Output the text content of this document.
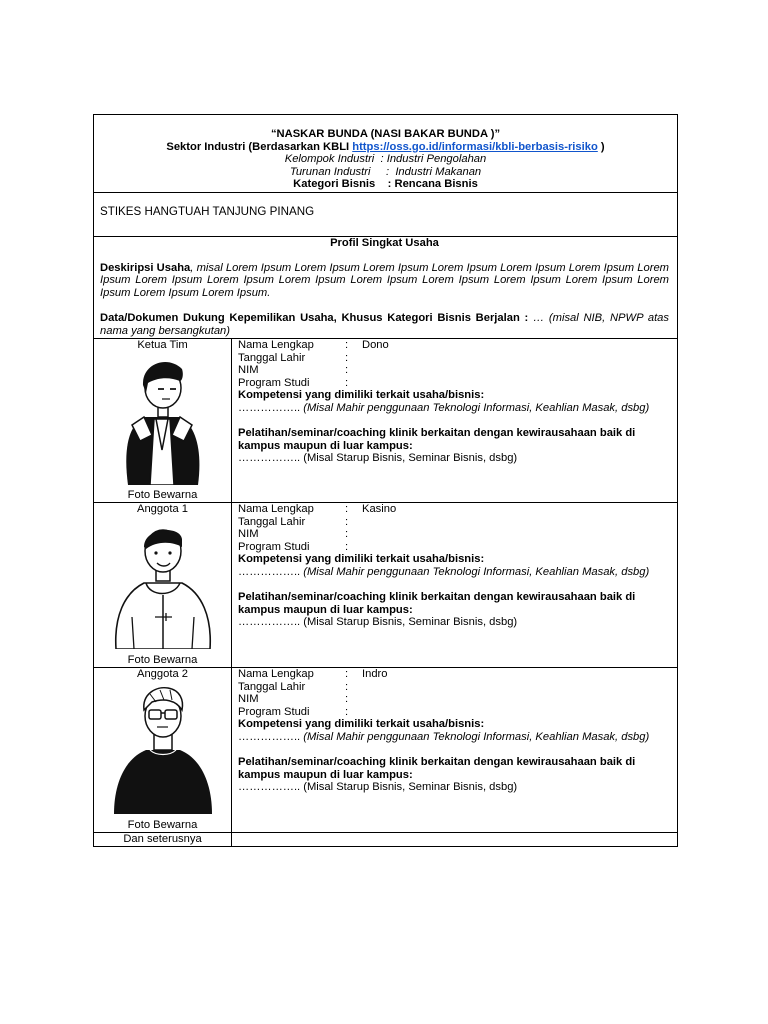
“NASKAR BUNDA (NASI BAKAR BUNDA )”
Sektor Industri (Berdasarkan KBLI https://oss.go.id/informasi/kbli-berbasis-risiko )
Kelompok Industri  : Industri Pengolahan
Turunan Industri     :  Industri Makanan
Kategori Bisnis    : Rencana Bisnis
STIKES HANGTUAH TANJUNG PINANG
Profil Singkat Usaha
Deskiripsi Usaha, misal Lorem Ipsum Lorem Ipsum Lorem Ipsum Lorem Ipsum Lorem Ipsum Lorem Ipsum Lorem Ipsum Lorem Ipsum Lorem Ipsum Lorem Ipsum Lorem Ipsum Lorem Ipsum Lorem Ipsum Lorem Ipsum Lorem Ipsum Lorem Ipsum Lorem Ipsum.
Data/Dokumen Dukung Kepemilikan Usaha, Khusus Kategori Bisnis Berjalan : … (misal NIB, NPWP atas nama yang bersangkutan)
Ketua Tim
Foto Bewarna
Nama Lengkap	: Dono
Tanggal Lahir	:
NIM	:
Program Studi	:
Kompetensi yang dimiliki terkait usaha/bisnis:
…………….. (Misal Mahir penggunaan Teknologi Informasi, Keahlian Masak, dsbg)
Pelatihan/seminar/coaching klinik berkaitan dengan kewirausahaan baik di kampus maupun di luar kampus:
…………….. (Misal Starup Bisnis, Seminar Bisnis, dsbg)
Anggota 1
Foto Bewarna
Nama Lengkap	: Kasino
Tanggal Lahir	:
NIM	:
Program Studi	:
Kompetensi yang dimiliki terkait usaha/bisnis:
…………….. (Misal Mahir penggunaan Teknologi Informasi, Keahlian Masak, dsbg)
Pelatihan/seminar/coaching klinik berkaitan dengan kewirausahaan baik di kampus maupun di luar kampus:
…………….. (Misal Starup Bisnis, Seminar Bisnis, dsbg)
Anggota 2
Foto Bewarna
Nama Lengkap	: Indro
Tanggal Lahir	:
NIM	:
Program Studi	:
Kompetensi yang dimiliki terkait usaha/bisnis:
…………….. (Misal Mahir penggunaan Teknologi Informasi, Keahlian Masak, dsbg)
Pelatihan/seminar/coaching klinik berkaitan dengan kewirausahaan baik di kampus maupun di luar kampus:
…………….. (Misal Starup Bisnis, Seminar Bisnis, dsbg)
Dan seterusnya
